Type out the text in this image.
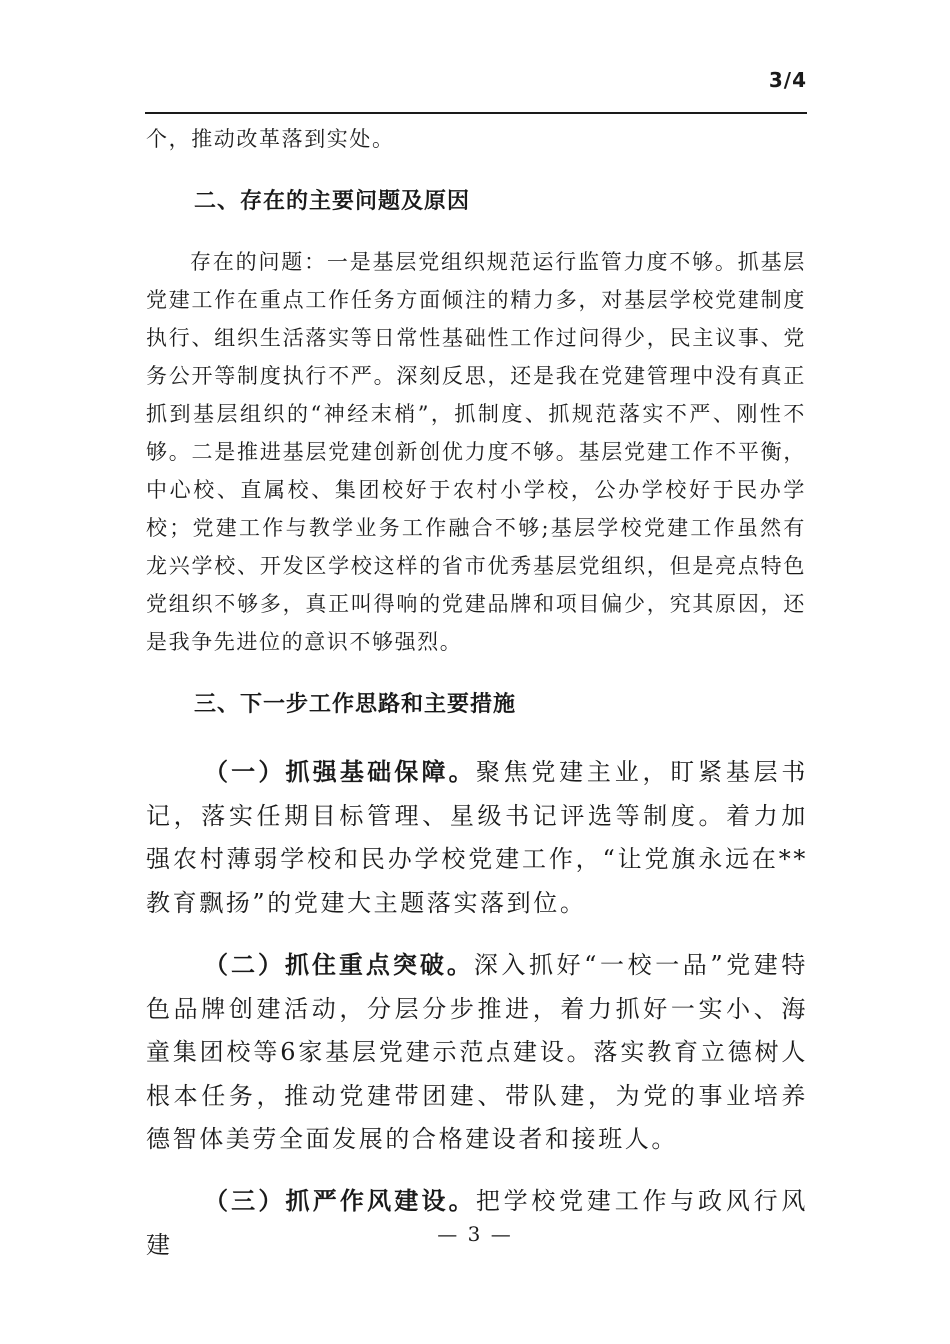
3/4
个，推动改革落到实处。
二、存在的主要问题及原因
存在的问题：一是基层党组织规范运行监管力度不够。抓基层党建工作在重点工作任务方面倾注的精力多，对基层学校党建制度执行、组织生活落实等日常性基础性工作过问得少，民主议事、党务公开等制度执行不严。深刻反思，还是我在党建管理中没有真正抓到基层组织的“神经末梢”，抓制度、抓规范落实不严、刚性不够。二是推进基层党建创新创优力度不够。基层党建工作不平衡，中心校、直属校、集团校好于农村小学校，公办学校好于民办学校；党建工作与教学业务工作融合不够;基层学校党建工作虽然有龙兴学校、开发区学校这样的省市优秀基层党组织，但是亮点特色党组织不够多，真正叫得响的党建品牌和项目偏少，究其原因，还是我争先进位的意识不够强烈。
三、下一步工作思路和主要措施
（一）抓强基础保障。聚焦党建主业，盯紧基层书记，落实任期目标管理、星级书记评选等制度。着力加强农村薄弱学校和民办学校党建工作，“让党旗永远在**教育飘扬”的党建大主题落实落到位。
（二）抓住重点突破。深入抓好“一校一品”党建特色品牌创建活动，分层分步推进，着力抓好一实小、海童集团校等6家基层党建示范点建设。落实教育立德树人根本任务，推动党建带团建、带队建，为党的事业培养德智体美劳全面发展的合格建设者和接班人。
（三）抓严作风建设。把学校党建工作与政风行风建	— 3 —
